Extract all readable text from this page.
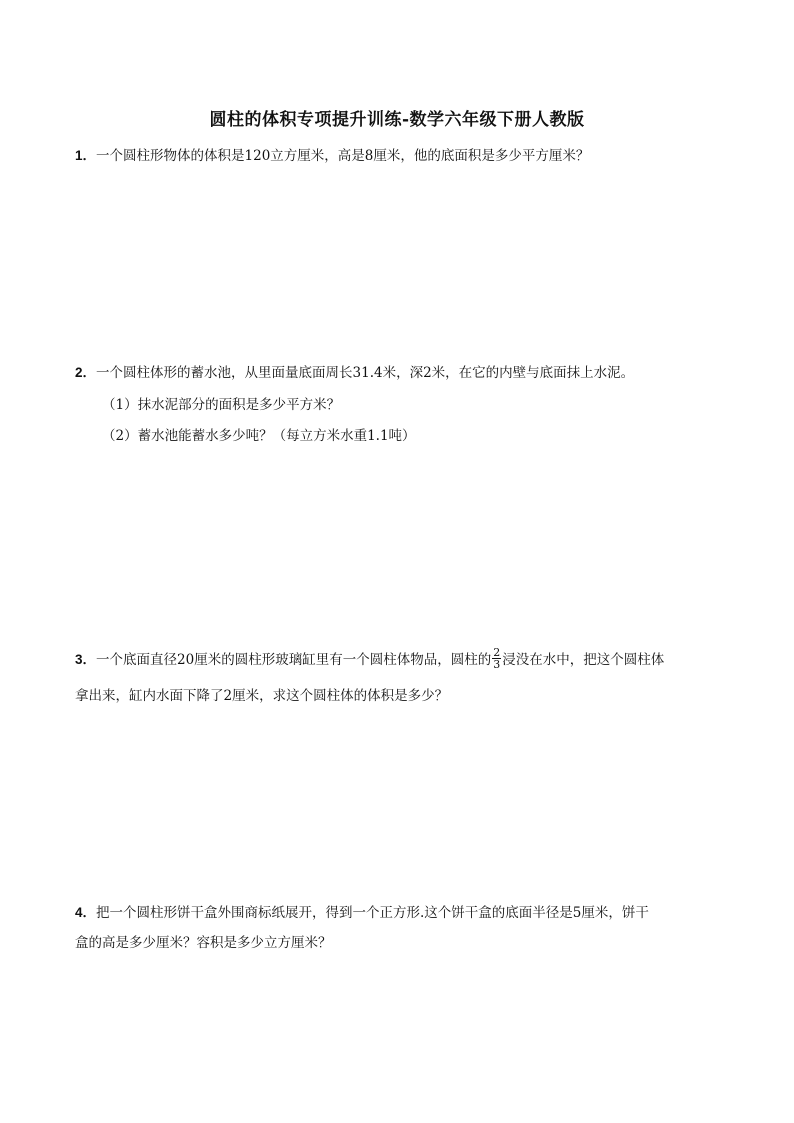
圆柱的体积专项提升训练-数学六年级下册人教版
1．一个圆柱形物体的体积是120立方厘米，高是8厘米，他的底面积是多少平方厘米？
2．一个圆柱体形的蓄水池，从里面量底面周长31.4米，深2米，在它的内壁与底面抹上水泥。
（1）抹水泥部分的面积是多少平方米？
（2）蓄水池能蓄水多少吨？（每立方米水重1.1吨）
3．一个底面直径20厘米的圆柱形玻璃缸里有一个圆柱体物品，圆柱的 $\frac{2}{3}$ 浸没在水中，把这个圆柱体
拿出来，缸内水面下降了2厘米，求这个圆柱体的体积是多少？
4．把一个圆柱形饼干盒外围商标纸展开，得到一个正方形.这个饼干盒的底面半径是5厘米，饼干
盒的高是多少厘米？容积是多少立方厘米？
